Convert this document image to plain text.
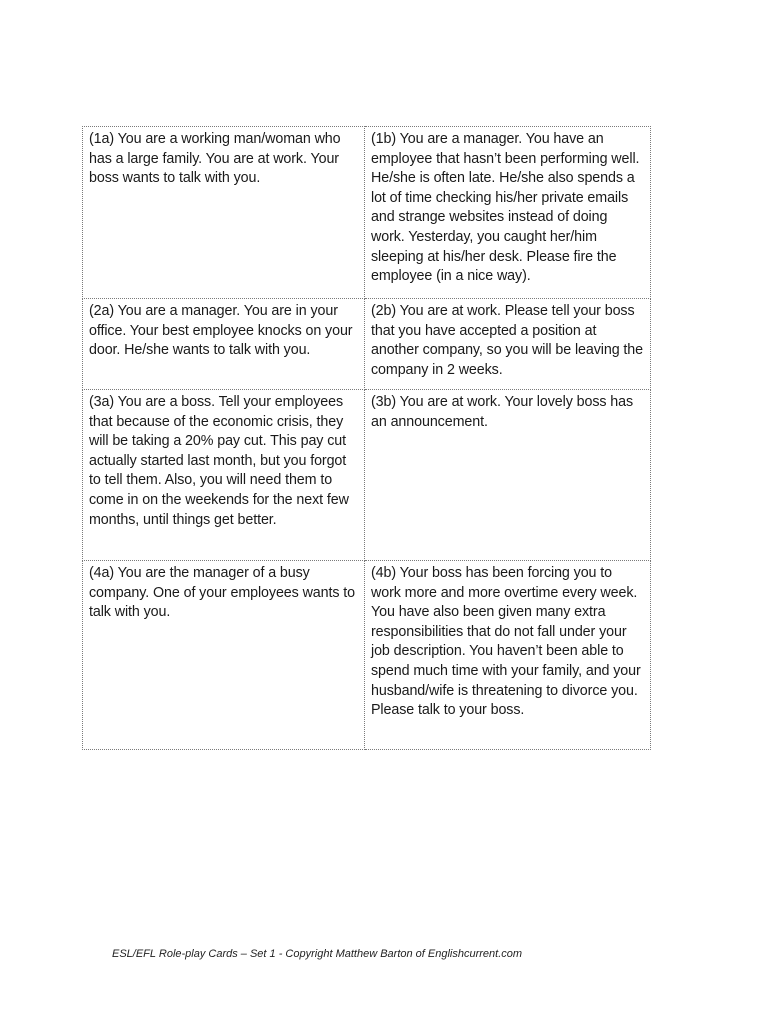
(1a) You are a working man/woman who has a large family. You are at work. Your boss wants to talk with you.	(1b) You are a manager. You have an employee that hasn’t been performing well. He/she is often late. He/she also spends a lot of time checking his/her private emails and strange websites instead of doing work. Yesterday, you caught her/him sleeping at his/her desk. Please fire the employee (in a nice way).
(2a) You are a manager. You are in your office. Your best employee knocks on your door. He/she wants to talk with you.	(2b) You are at work. Please tell your boss that you have accepted a position at another company, so you will be leaving the company in 2 weeks.
(3a) You are a boss. Tell your employees that because of the economic crisis, they will be taking a 20% pay cut. This pay cut actually started last month, but you forgot to tell them. Also, you will need them to come in on the weekends for the next few months, until things get better.	(3b) You are at work. Your lovely boss has an announcement.
(4a) You are the manager of a busy company. One of your employees wants to talk with you.	(4b) Your boss has been forcing you to work more and more overtime every week. You have also been given many extra responsibilities that do not fall under your job description. You haven’t been able to spend much time with your family, and your husband/wife is threatening to divorce you. Please talk to your boss.
ESL/EFL Role-play Cards – Set 1 - Copyright Matthew Barton of Englishcurrent.com
